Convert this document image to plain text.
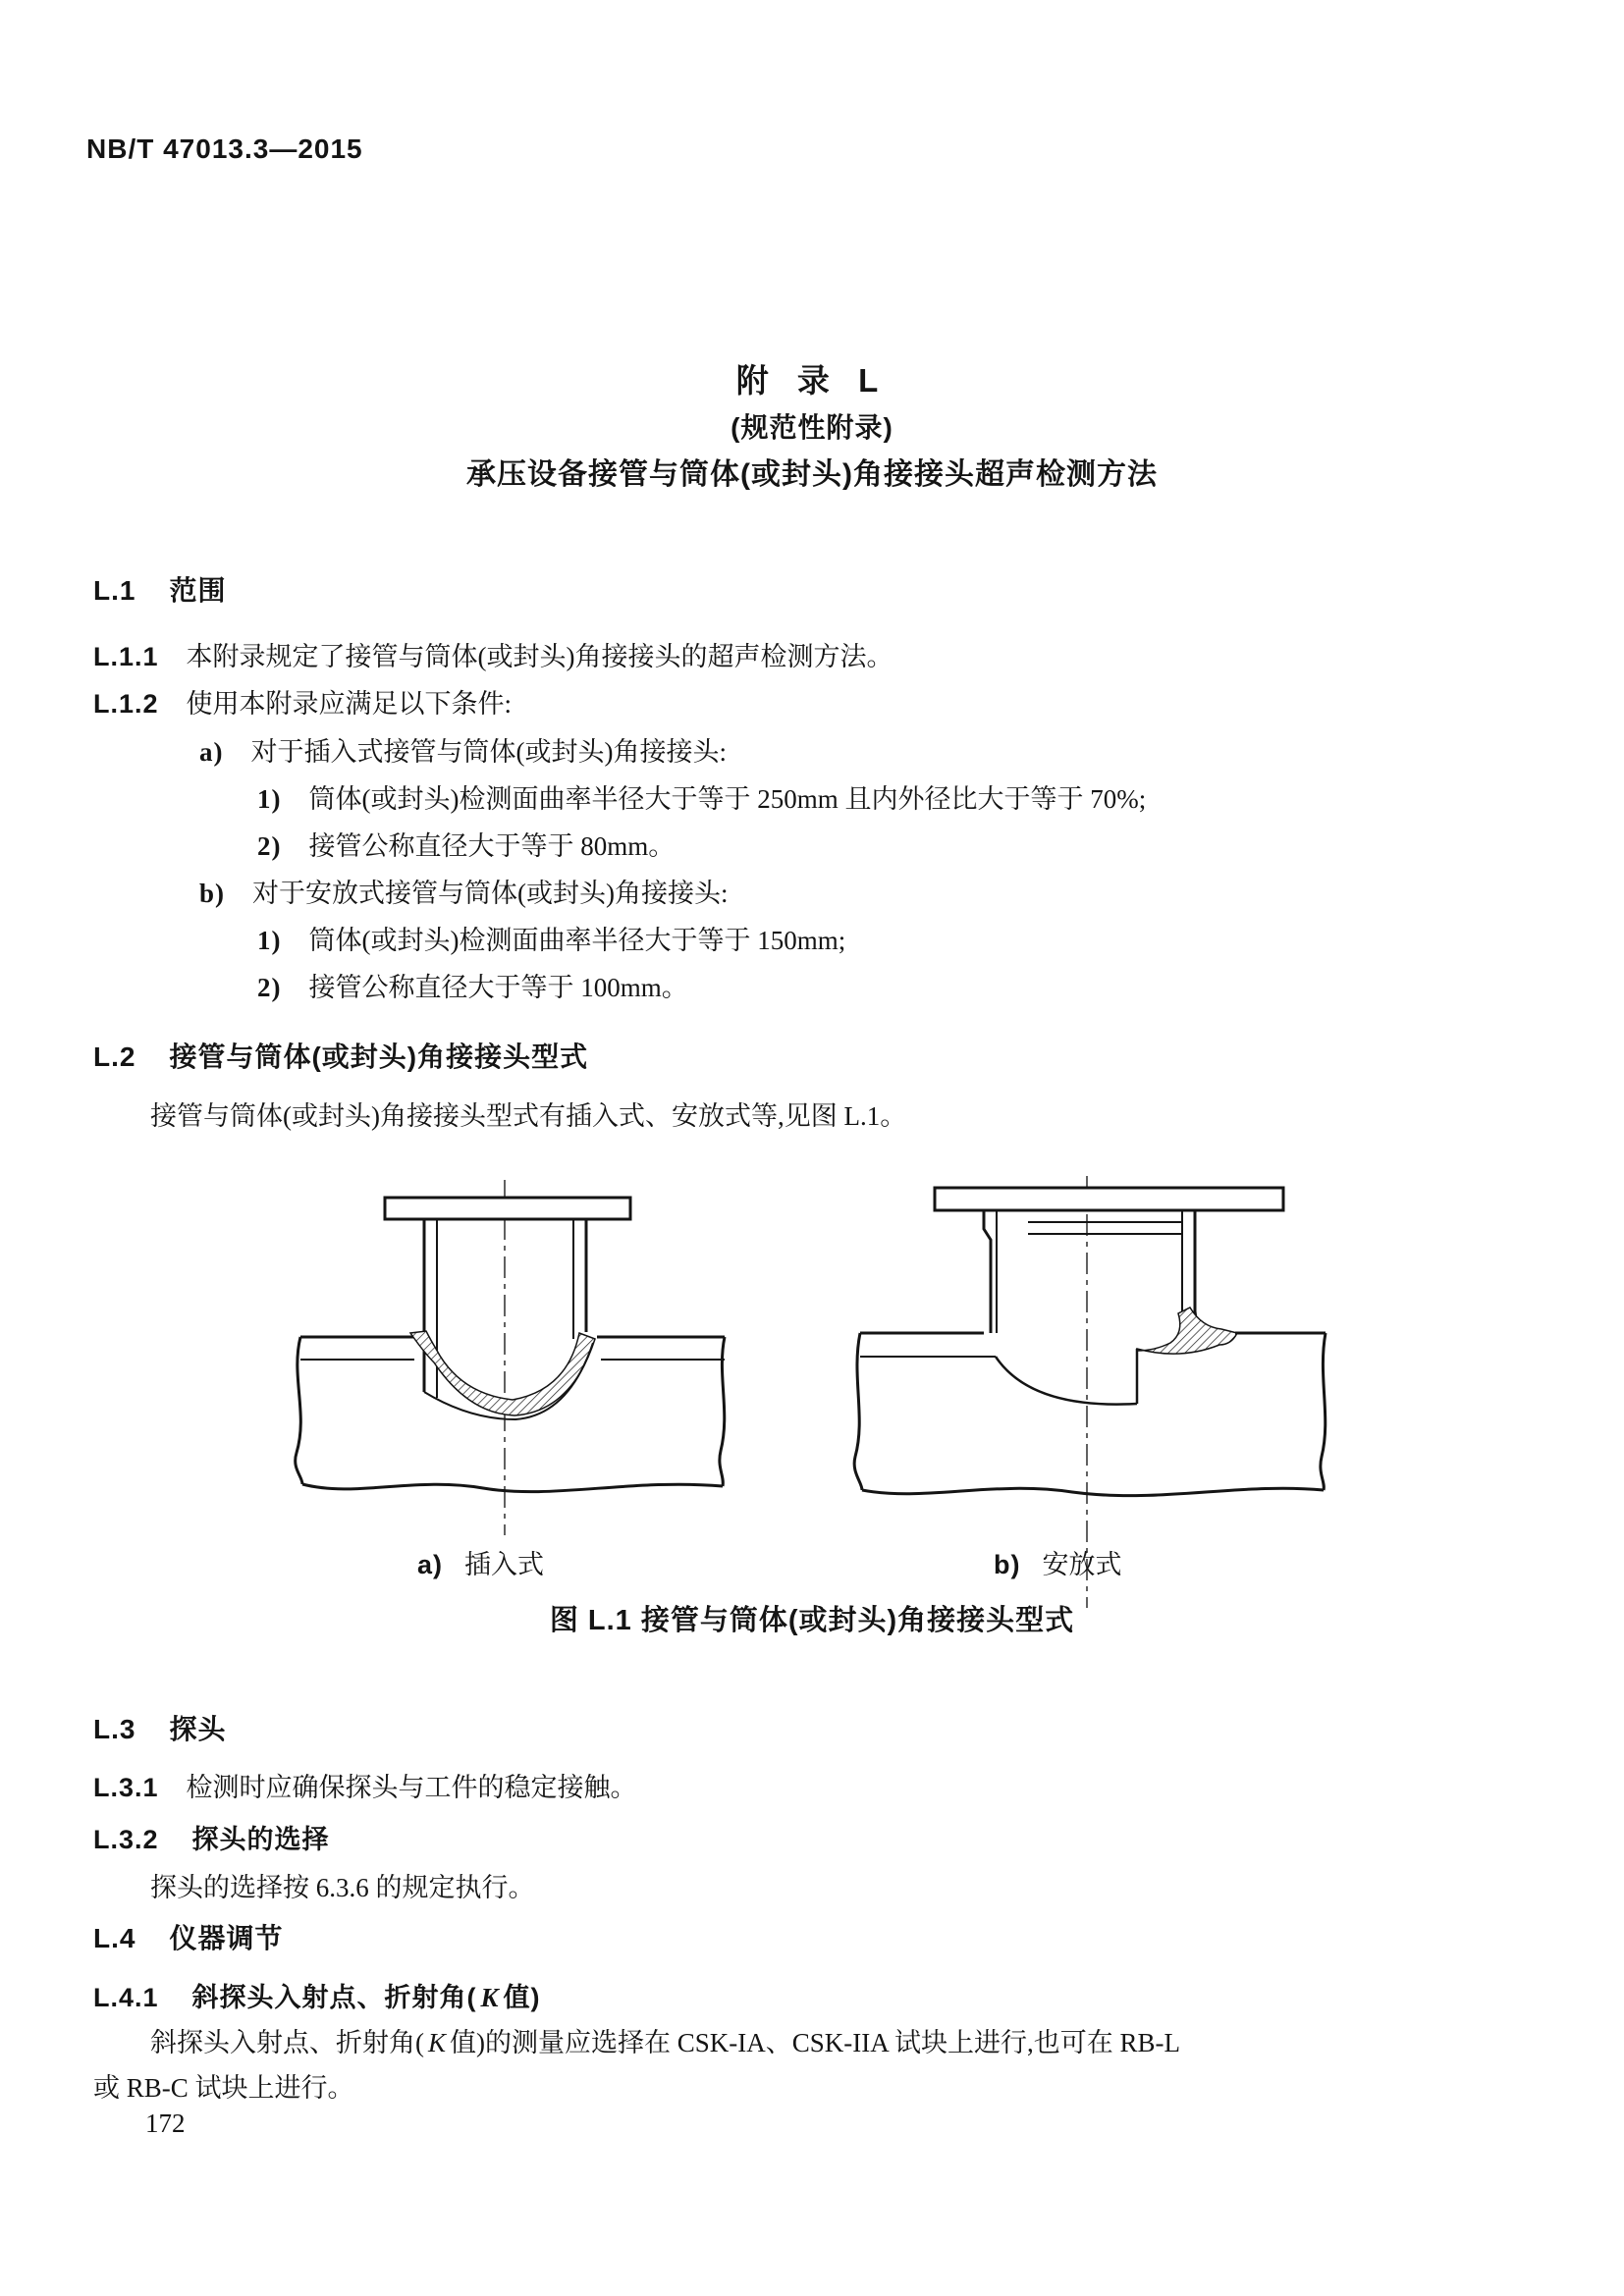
NB/T 47013.3—2015
附 录 L
(规范性附录)
承压设备接管与筒体(或封头)角接接头超声检测方法
L.1 范围
L.1.1 本附录规定了接管与筒体(或封头)角接接头的超声检测方法。
L.1.2 使用本附录应满足以下条件:
a) 对于插入式接管与筒体(或封头)角接接头:
1) 筒体(或封头)检测面曲率半径大于等于 250mm 且内外径比大于等于 70%;
2) 接管公称直径大于等于 80mm。
b) 对于安放式接管与筒体(或封头)角接接头:
1) 筒体(或封头)检测面曲率半径大于等于 150mm;
2) 接管公称直径大于等于 100mm。
L.2 接管与筒体(或封头)角接接头型式
接管与筒体(或封头)角接接头型式有插入式、安放式等,见图 L.1。
a) 插入式	b) 安放式
图 L.1 接管与筒体(或封头)角接接头型式
L.3 探头
L.3.1 检测时应确保探头与工件的稳定接触。
L.3.2 探头的选择
探头的选择按 6.3.6 的规定执行。
L.4 仪器调节
L.4.1 斜探头入射点、折射角( K 值)
斜探头入射点、折射角( K 值)的测量应选择在 CSK-IA、CSK-IIA 试块上进行,也可在 RB-L
或 RB-C 试块上进行。
172
